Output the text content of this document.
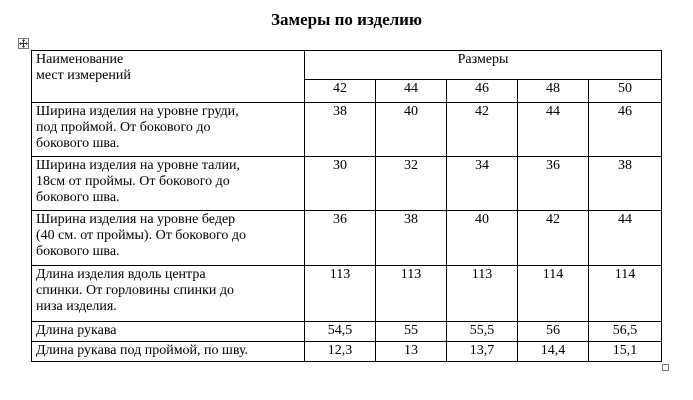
Замеры по изделию
Наименование
мест измерений	Размеры				
	42	44	46	48	50

Ширина изделия на уровне груди,
под проймой. От бокового до
бокового шва.	38	40	42	44	46

Ширина изделия на уровне талии,
18см от проймы. От бокового до
бокового шва.	30	32	34	36	38

Ширина изделия на уровне бедер
(40 см. от проймы). От бокового до
бокового шва.	36	38	40	42	44

Длина изделия вдоль центра
спинки. От горловины спинки до
низа изделия.	113	113	113	114	114

Длина рукава	54,5	55	55,5	56	56,5

Длина рукава под проймой, по шву.	12,3	13	13,7	14,4	15,1
